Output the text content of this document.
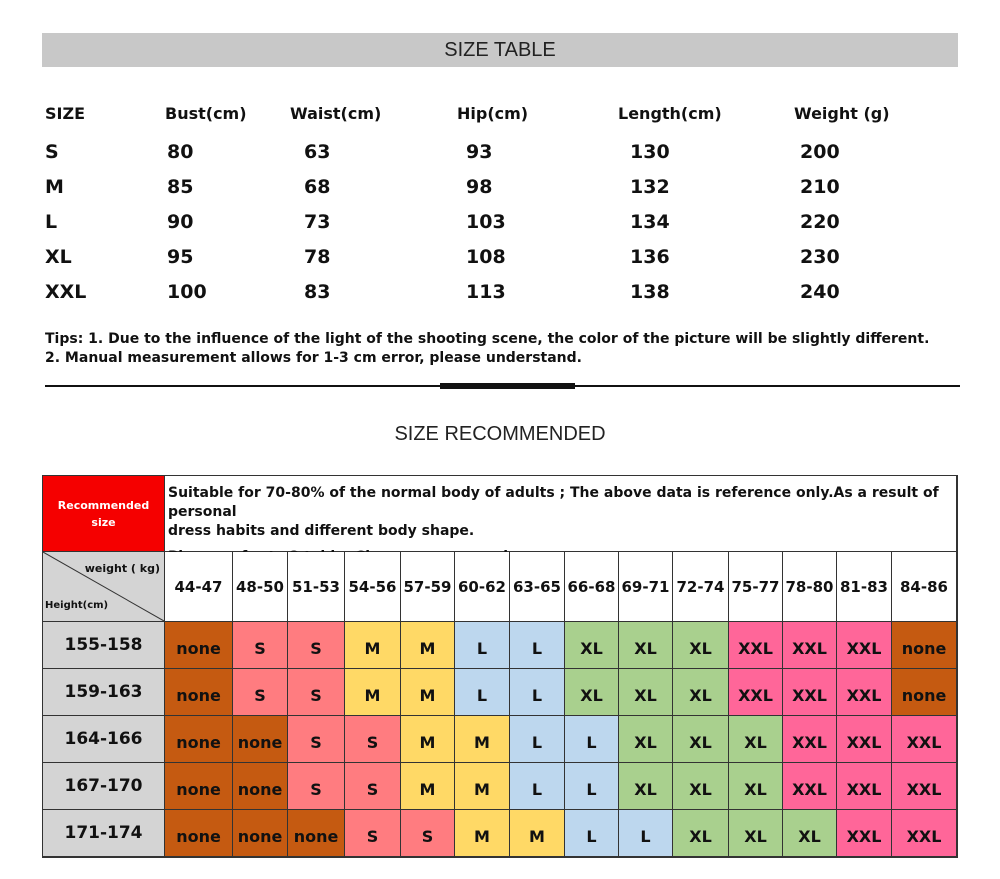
SIZE TABLE
SIZE	Bust(cm)	Waist(cm)	Hip(cm)	Length(cm)	Weight (g)
S	80	63	93	130	200
M	85	68	98	132	210
L	90	73	103	134	220
XL	95	78	108	136	230
XXL	100	83	113	138	240
Tips: 1. Due to the influence of the light of the shooting scene, the color of the picture will be slightly different. 2. Manual measurement allows for 1-3 cm error, please understand.
SIZE RECOMMENDED
Recommended
size
Suitable for 70-80% of the normal body of adults ; The above data is reference only.As a result of personal
dress habits and different body shape.
weight ( kg)
Height(cm)
44-47 48-50 51-53 54-56 57-59 60-62 63-65 66-68 69-71 72-74 75-77 78-80 81-83 84-86
155-158	none	S	S	M	M	L	L	XL	XL	XL	XXL	XXL	XXL	none
159-163	none	S	S	M	M	L	L	XL	XL	XL	XXL	XXL	XXL	none
164-166	none	none	S	S	M	M	L	L	XL	XL	XL	XXL	XXL	XXL
167-170	none	none	S	S	M	M	L	L	XL	XL	XL	XXL	XXL	XXL
171-174	none	none none	S	S	M	M	L	L	XL	XL	XL	XXL	XXL
